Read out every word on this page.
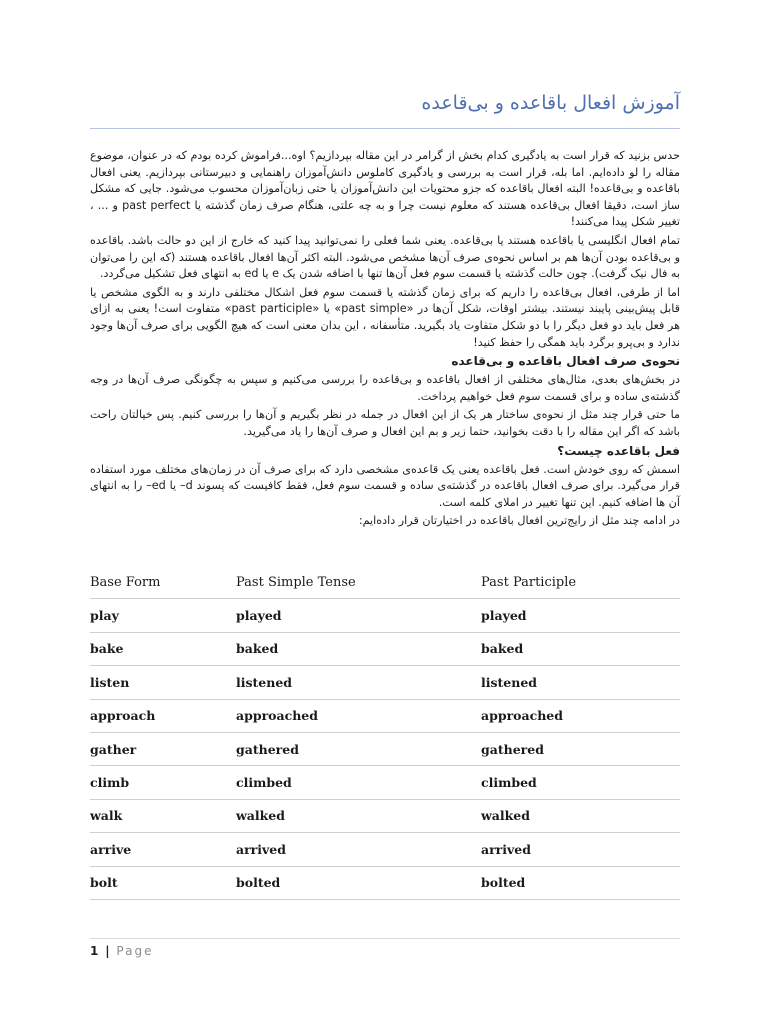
آموزش افعال باقاعده و بی‌قاعده

حدس بزنید که قرار است به یادگیری کدام بخش از گرامر در این مقاله بپردازیم؟ اوه...فراموش کرده بودم که در عنوان، موضوع مقاله را لو داده‌ایم. اما بله، قرار است به بررسی و یادگیری کاملوس دانش‌آموزان راهنمایی و دبیرستانی بپردازیم. یعنی افعال باقاعده و بی‌قاعده! البته افعال باقاعده که جزو محتویات این دانش‌آموزان یا حتی زبان‌آموزان محسوب می‌شود. جایی که مشکل ساز است، دقیقا افعال بی‌قاعده هستند که معلوم نیست چرا و به چه علتی، هنگام صرف زمان گذشته یا past perfect و ... ، تغییر شکل پیدا می‌کنند!

تمام افعال انگلیسی یا باقاعده هستند یا بی‌قاعده. یعنی شما فعلی را نمی‌توانید پیدا کنید که خارج از این دو حالت باشد. باقاعده و بی‌قاعده بودن آن‌ها هم بر اساس نحوه‌ی صرف آن‌ها مشخص می‌شود. البته اکثر آن‌ها افعال باقاعده هستند (که این را می‌توان به فال نیک گرفت). چون حالت گذشته یا قسمت سوم فعل آن‌ها تنها با اضافه شدن یک e یا ed به انتهای فعل تشکیل می‌گردد.

اما از طرفی، افعال بی‌قاعده را داریم که برای زمان گذشته یا قسمت سوم فعل اشکال مختلفی دارند و به الگوی مشخص یا قابل پیش‌بینی پایبند نیستند. بیشتر اوقات، شکل آن‌ها در «past simple» یا «past participle» متفاوت است! یعنی به ازای هر فعل باید دو فعل دیگر را با دو شکل متفاوت یاد بگیرید. متأسفانه ، این بدان معنی است که هیچ الگویی برای صرف آن‌ها وجود ندارد و بی‌پرو برگرد باید همگی را حفظ کنید!

نحوه‌ی صرف افعال باقاعده و بی‌قاعده

در بخش‌های بعدی، مثال‌های مختلفی از افعال باقاعده و بی‌قاعده را بررسی می‌کنیم و سپس به چگونگی صرف آن‌ها در وجه گذشته‌ی ساده و برای قسمت سوم فعل خواهیم پرداخت.

ما حتی قرار چند مثل از نحوه‌ی ساختار هر یک از این افعال در جمله در نظر بگیریم و آن‌ها را بررسی کنیم. پس خیالتان راحت باشد که اگر این مقاله را با دقت بخوانید، حتما زیر و بم این افعال و صرف آن‌ها را یاد می‌گیرید.

فعل باقاعده چیست؟

اسمش که روی خودش است. فعل باقاعده یعنی یک قاعده‌ی مشخصی دارد که برای صرف آن در زمان‌های مختلف مورد استفاده قرار می‌گیرد. برای صرف افعال باقاعده در گذشته‌ی ساده و قسمت سوم فعل، فقط کافیست که پسوند d– یا ed– را به انتهای آن ها اضافه کنیم. این تنها تغییر در املای کلمه است.

در ادامه چند مثل از رایج‌ترین افعال باقاعده در اختیارتان قرار داده‌ایم:

Base Form	Past Simple Tense	Past Participle
play	played	played
bake	baked	baked
listen	listened	listened
approach	approached	approached
gather	gathered	gathered
climb	climbed	climbed
walk	walked	walked
arrive	arrived	arrived
bolt	bolted	bolted
1 | Page
